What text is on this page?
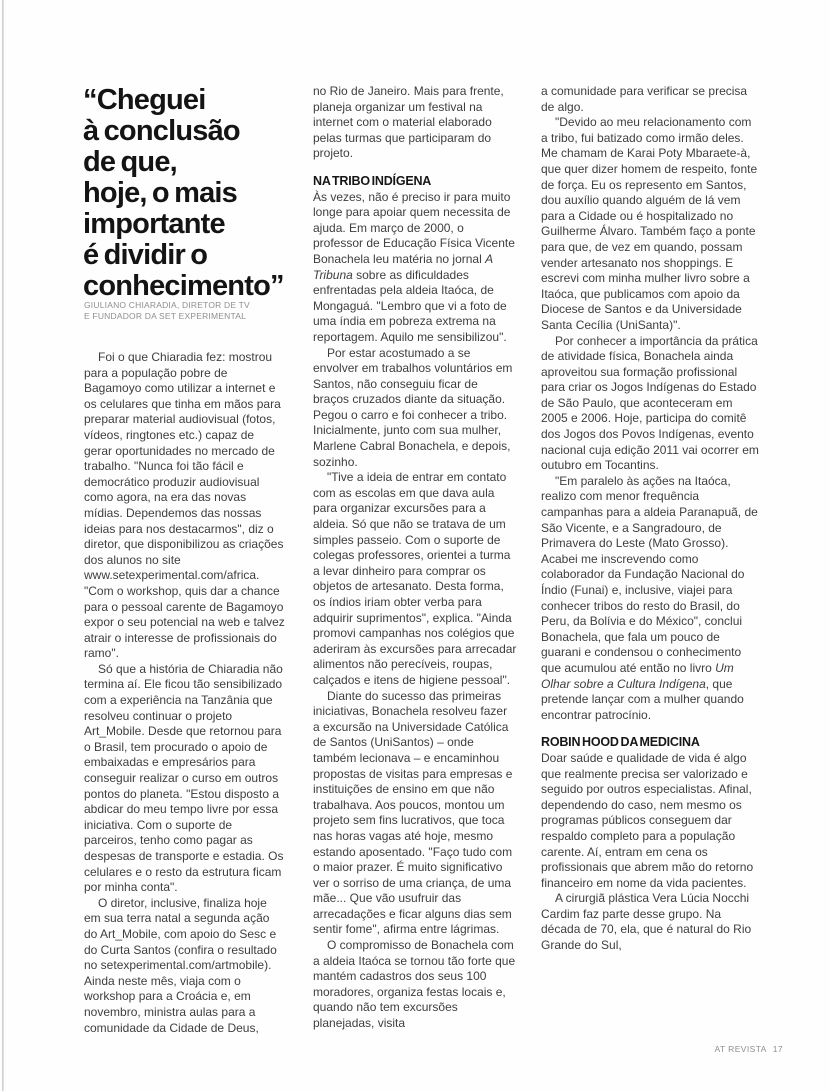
“Cheguei
à conclusão
de que,
hoje, o mais
importante
é dividir o
conhecimento”
GIULIANO CHIARADIA, DIRETOR DE TV
E FUNDADOR DA SET EXPERIMENTAL

Foi o que Chiaradia fez: mostrou para a população pobre de Bagamoyo como utilizar a internet e os celulares que tinha em mãos para preparar material audiovisual (fotos, vídeos, ringtones etc.) capaz de gerar oportunidades no mercado de trabalho. "Nunca foi tão fácil e democrático produzir audiovisual como agora, na era das novas mídias. Dependemos das nossas ideias para nos destacarmos", diz o diretor, que disponibilizou as criações dos alunos no site www.setexperimental.com/africa. "Com o workshop, quis dar a chance para o pessoal carente de Bagamoyo expor o seu potencial na web e talvez atrair o interesse de profissionais do ramo".

Só que a história de Chiaradia não termina aí. Ele ficou tão sensibilizado com a experiência na Tanzânia que resolveu continuar o projeto Art_Mobile. Desde que retornou para o Brasil, tem procurado o apoio de embaixadas e empresários para conseguir realizar o curso em outros pontos do planeta. "Estou disposto a abdicar do meu tempo livre por essa iniciativa. Com o suporte de parceiros, tenho como pagar as despesas de transporte e estadia. Os celulares e o resto da estrutura ficam por minha conta".

O diretor, inclusive, finaliza hoje em sua terra natal a segunda ação do Art_Mobile, com apoio do Sesc e do Curta Santos (confira o resultado no setexperimental.com/artmobile). Ainda neste mês, viaja com o workshop para a Croácia e, em novembro, ministra aulas para a comunidade da Cidade de Deus,

no Rio de Janeiro. Mais para frente, planeja organizar um festival na internet com o material elaborado pelas turmas que participaram do projeto.

NA TRIBO INDÍGENA

Às vezes, não é preciso ir para muito longe para apoiar quem necessita de ajuda. Em março de 2000, o professor de Educação Física Vicente Bonachela leu matéria no jornal A Tribuna sobre as dificuldades enfrentadas pela aldeia Itaóca, de Mongaguá. "Lembro que vi a foto de uma índia em pobreza extrema na reportagem. Aquilo me sensibilizou".

Por estar acostumado a se envolver em trabalhos voluntários em Santos, não conseguiu ficar de braços cruzados diante da situação. Pegou o carro e foi conhecer a tribo. Inicialmente, junto com sua mulher, Marlene Cabral Bonachela, e depois, sozinho.

"Tive a ideia de entrar em contato com as escolas em que dava aula para organizar excursões para a aldeia. Só que não se tratava de um simples passeio. Com o suporte de colegas professores, orientei a turma a levar dinheiro para comprar os objetos de artesanato. Desta forma, os índios iriam obter verba para adquirir suprimentos", explica. "Ainda promovi campanhas nos colégios que aderiram às excursões para arrecadar alimentos não perecíveis, roupas, calçados e itens de higiene pessoal".

Diante do sucesso das primeiras iniciativas, Bonachela resolveu fazer a excursão na Universidade Católica de Santos (UniSantos) – onde também lecionava – e encaminhou propostas de visitas para empresas e instituições de ensino em que não trabalhava. Aos poucos, montou um projeto sem fins lucrativos, que toca nas horas vagas até hoje, mesmo estando aposentado. "Faço tudo com o maior prazer. É muito significativo ver o sorriso de uma criança, de uma mãe... Que vão usufruir das arrecadações e ficar alguns dias sem sentir fome", afirma entre lágrimas.

O compromisso de Bonachela com a aldeia Itaóca se tornou tão forte que mantém cadastros dos seus 100 moradores, organiza festas locais e, quando não tem excursões planejadas, visita

a comunidade para verificar se precisa de algo.

"Devido ao meu relacionamento com a tribo, fui batizado como irmão deles. Me chamam de Karai Poty Mbaraete-à, que quer dizer homem de respeito, fonte de força. Eu os represento em Santos, dou auxílio quando alguém de lá vem para a Cidade ou é hospitalizado no Guilherme Álvaro. Também faço a ponte para que, de vez em quando, possam vender artesanato nos shoppings. E escrevi com minha mulher livro sobre a Itaóca, que publicamos com apoio da Diocese de Santos e da Universidade Santa Cecília (UniSanta)".

Por conhecer a importância da prática de atividade física, Bonachela ainda aproveitou sua formação profissional para criar os Jogos Indígenas do Estado de São Paulo, que aconteceram em 2005 e 2006. Hoje, participa do comitê dos Jogos dos Povos Indígenas, evento nacional cuja edição 2011 vai ocorrer em outubro em Tocantins.

"Em paralelo às ações na Itaóca, realizo com menor frequência campanhas para a aldeia Paranapuã, de São Vicente, e a Sangradouro, de Primavera do Leste (Mato Grosso). Acabei me inscrevendo como colaborador da Fundação Nacional do Índio (Funai) e, inclusive, viajei para conhecer tribos do resto do Brasil, do Peru, da Bolívia e do México", conclui Bonachela, que fala um pouco de guarani e condensou o conhecimento que acumulou até então no livro Um Olhar sobre a Cultura Indígena, que pretende lançar com a mulher quando encontrar patrocínio.

ROBIN HOOD DA MEDICINA

Doar saúde e qualidade de vida é algo que realmente precisa ser valorizado e seguido por outros especialistas. Afinal, dependendo do caso, nem mesmo os programas públicos conseguem dar respaldo completo para a população carente. Aí, entram em cena os profissionais que abrem mão do retorno financeiro em nome da vida pacientes.

A cirurgiã plástica Vera Lúcia Nocchi Cardim faz parte desse grupo. Na década de 70, ela, que é natural do Rio Grande do Sul,

AT REVISTA 17
